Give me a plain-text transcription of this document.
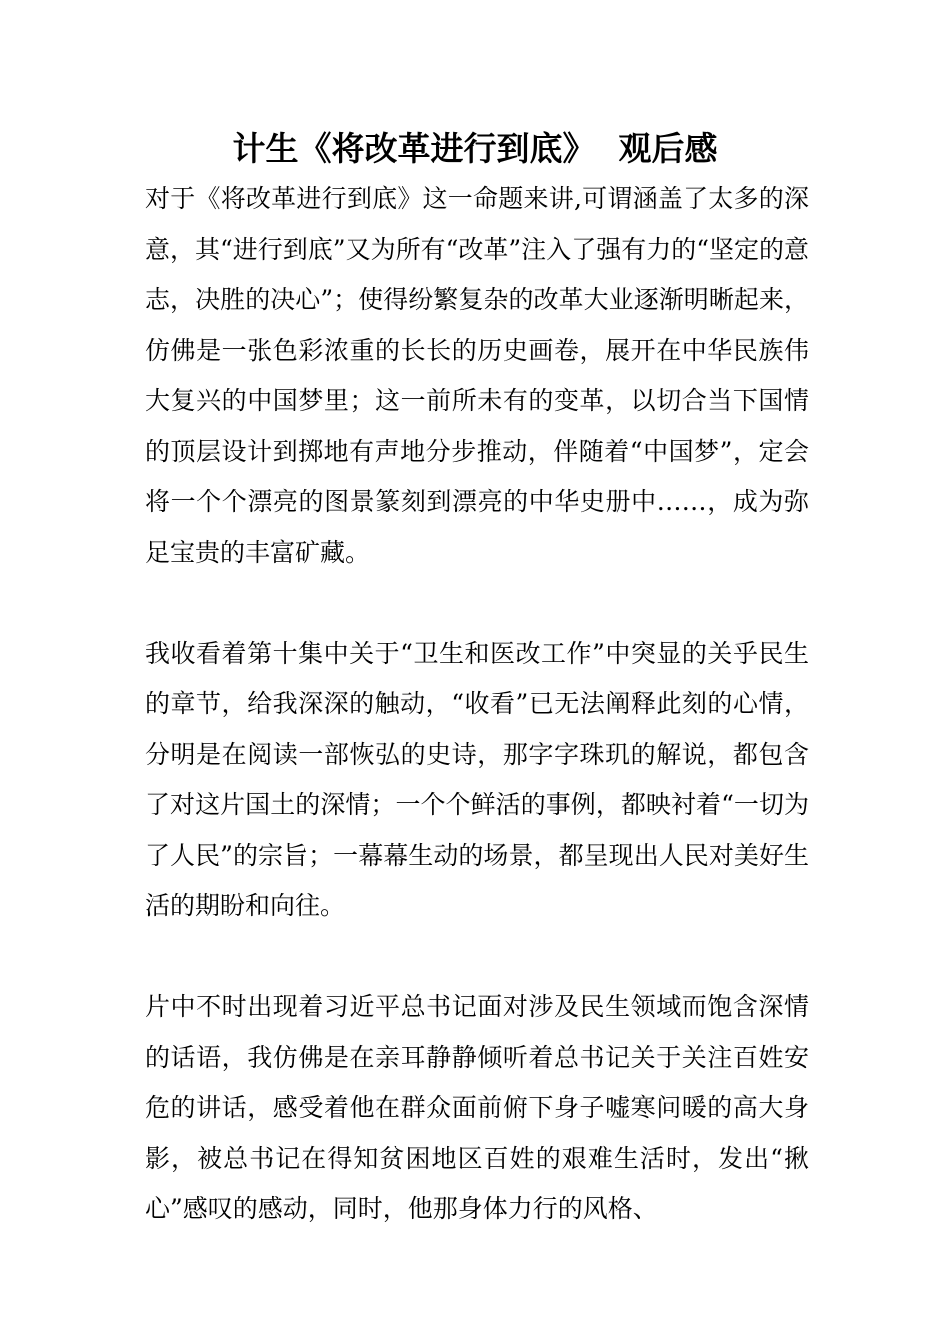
计生《将改革进行到底》  观后感

对于《将改革进行到底》这一命题来讲,可谓涵盖了太多的深意，其“进行到底”又为所有“改革”注入了强有力的“坚定的意志，决胜的决心”；使得纷繁复杂的改革大业逐渐明晰起来，仿佛是一张色彩浓重的长长的历史画卷，展开在中华民族伟大复兴的中国梦里；这一前所未有的变革，以切合当下国情的顶层设计到掷地有声地分步推动，伴随着“中国梦”，定会将一个个漂亮的图景篆刻到漂亮的中华史册中……，成为弥足宝贵的丰富矿藏。

我收看着第十集中关于“卫生和医改工作”中突显的关乎民生的章节，给我深深的触动，“收看”已无法阐释此刻的心情，分明是在阅读一部恢弘的史诗，那字字珠玑的解说，都包含了对这片国土的深情；一个个鲜活的事例，都映衬着“一切为了人民”的宗旨；一幕幕生动的场景，都呈现出人民对美好生活的期盼和向往。

片中不时出现着习近平总书记面对涉及民生领域而饱含深情的话语，我仿佛是在亲耳静静倾听着总书记关于关注百姓安危的讲话，感受着他在群众面前俯下身子嘘寒问暖的高大身影，被总书记在得知贫困地区百姓的艰难生活时，发出“揪心”感叹的感动，同时，他那身体力行的风格、
